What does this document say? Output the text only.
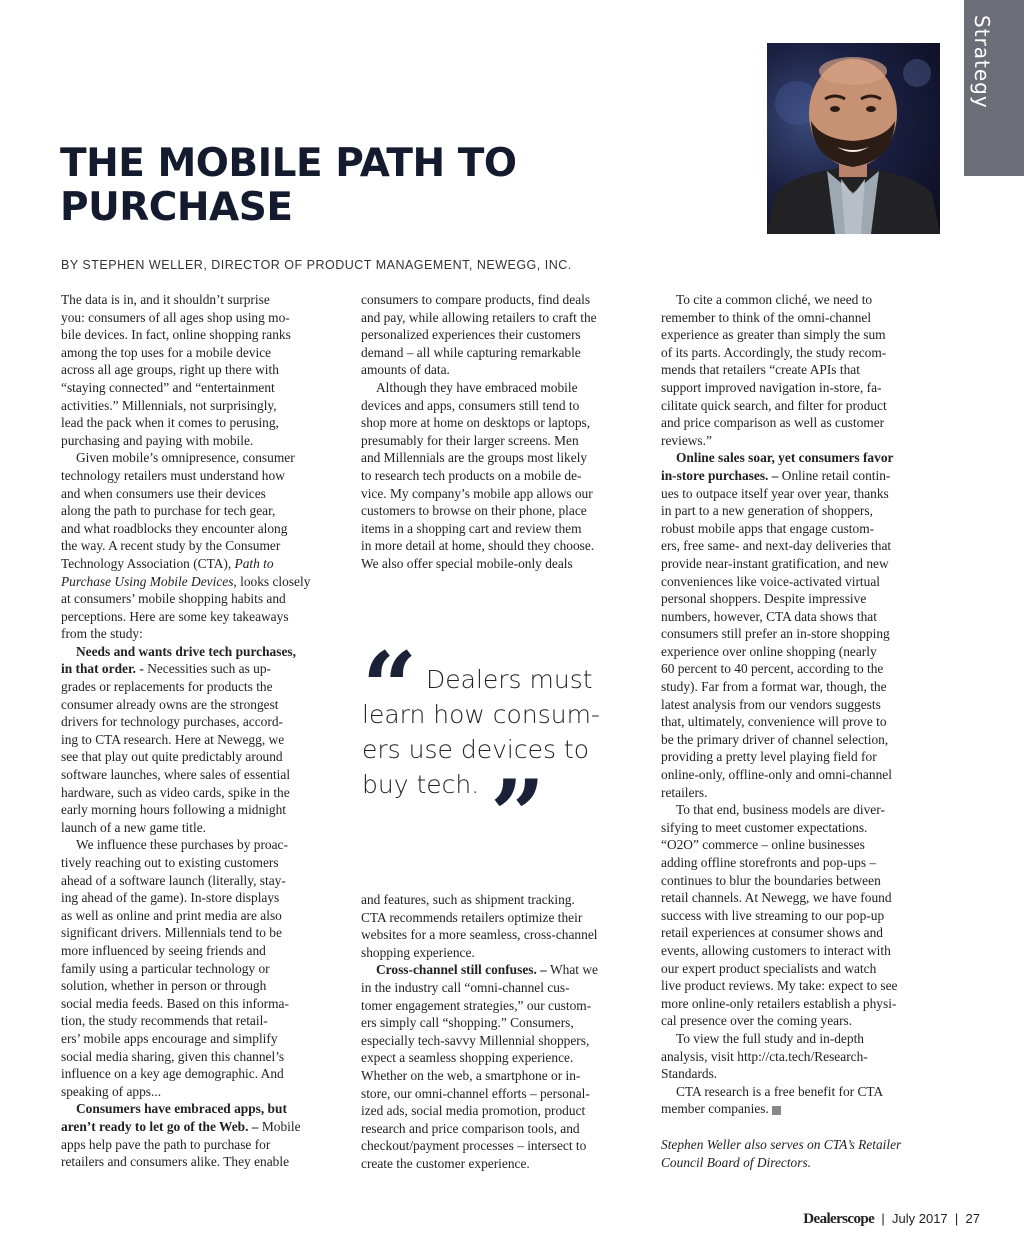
Strategy
THE MOBILE PATH TO
PURCHASE
BY STEPHEN WELLER, DIRECTOR OF PRODUCT MANAGEMENT, NEWEGG, INC.

The data is in, and it shouldn’t surprise
you: consumers of all ages shop using mo-
bile devices. In fact, online shopping ranks
among the top uses for a mobile device
across all age groups, right up there with
“staying connected” and “entertainment
activities.” Millennials, not surprisingly,
lead the pack when it comes to perusing,
purchasing and paying with mobile.

Given mobile’s omnipresence, consumer
technology retailers must understand how
and when consumers use their devices
along the path to purchase for tech gear,
and what roadblocks they encounter along
the way. A recent study by the Consumer
Technology Association (CTA), Path to
Purchase Using Mobile Devices, looks closely
at consumers’ mobile shopping habits and
perceptions. Here are some key takeaways
from the study:

Needs and wants drive tech purchases,
in that order. - Necessities such as up-
grades or replacements for products the
consumer already owns are the strongest
drivers for technology purchases, accord-
ing to CTA research. Here at Newegg, we
see that play out quite predictably around
software launches, where sales of essential
hardware, such as video cards, spike in the
early morning hours following a midnight
launch of a new game title.

We influence these purchases by proac-
tively reaching out to existing customers
ahead of a software launch (literally, stay-
ing ahead of the game). In-store displays
as well as online and print media are also
significant drivers. Millennials tend to be
more influenced by seeing friends and
family using a particular technology or
solution, whether in person or through
social media feeds. Based on this informa-
tion, the study recommends that retail-
ers’ mobile apps encourage and simplify
social media sharing, given this channel’s
influence on a key age demographic. And
speaking of apps...

Consumers have embraced apps, but
aren’t ready to let go of the Web. – Mobile
apps help pave the path to purchase for
retailers and consumers alike. They enable

consumers to compare products, find deals
and pay, while allowing retailers to craft the
personalized experiences their customers
demand – all while capturing remarkable
amounts of data.

Although they have embraced mobile
devices and apps, consumers still tend to
shop more at home on desktops or laptops,
presumably for their larger screens. Men
and Millennials are the groups most likely
to research tech products on a mobile de-
vice. My company’s mobile app allows our
customers to browse on their phone, place
items in a shopping cart and review them
in more detail at home, should they choose.
We also offer special mobile-only deals

“ Dealers must
learn how consum-
ers use devices to
buy tech. ”

and features, such as shipment tracking.
CTA recommends retailers optimize their
websites for a more seamless, cross-channel
shopping experience.

Cross-channel still confuses. – What we
in the industry call “omni-channel cus-
tomer engagement strategies,” our custom-
ers simply call “shopping.” Consumers,
especially tech-savvy Millennial shoppers,
expect a seamless shopping experience.
Whether on the web, a smartphone or in-
store, our omni-channel efforts – personal-
ized ads, social media promotion, product
research and price comparison tools, and
checkout/payment processes – intersect to
create the customer experience.

To cite a common cliché, we need to
remember to think of the omni-channel
experience as greater than simply the sum
of its parts. Accordingly, the study recom-
mends that retailers “create APIs that
support improved navigation in-store, fa-
cilitate quick search, and filter for product
and price comparison as well as customer
reviews.”

Online sales soar, yet consumers favor
in-store purchases. – Online retail contin-
ues to outpace itself year over year, thanks
in part to a new generation of shoppers,
robust mobile apps that engage custom-
ers, free same- and next-day deliveries that
provide near-instant gratification, and new
conveniences like voice-activated virtual
personal shoppers. Despite impressive
numbers, however, CTA data shows that
consumers still prefer an in-store shopping
experience over online shopping (nearly
60 percent to 40 percent, according to the
study). Far from a format war, though, the
latest analysis from our vendors suggests
that, ultimately, convenience will prove to
be the primary driver of channel selection,
providing a pretty level playing field for
online-only, offline-only and omni-channel
retailers.

To that end, business models are diver-
sifying to meet customer expectations.
“O2O” commerce – online businesses
adding offline storefronts and pop-ups –
continues to blur the boundaries between
retail channels. At Newegg, we have found
success with live streaming to our pop-up
retail experiences at consumer shows and
events, allowing customers to interact with
our expert product specialists and watch
live product reviews. My take: expect to see
more online-only retailers establish a physi-
cal presence over the coming years.

To view the full study and in-depth
analysis, visit http://cta.tech/Research-
Standards.

CTA research is a free benefit for CTA
member companies.

Stephen Weller also serves on CTA’s Retailer
Council Board of Directors.
Dealerscope | July 2017 | 27
